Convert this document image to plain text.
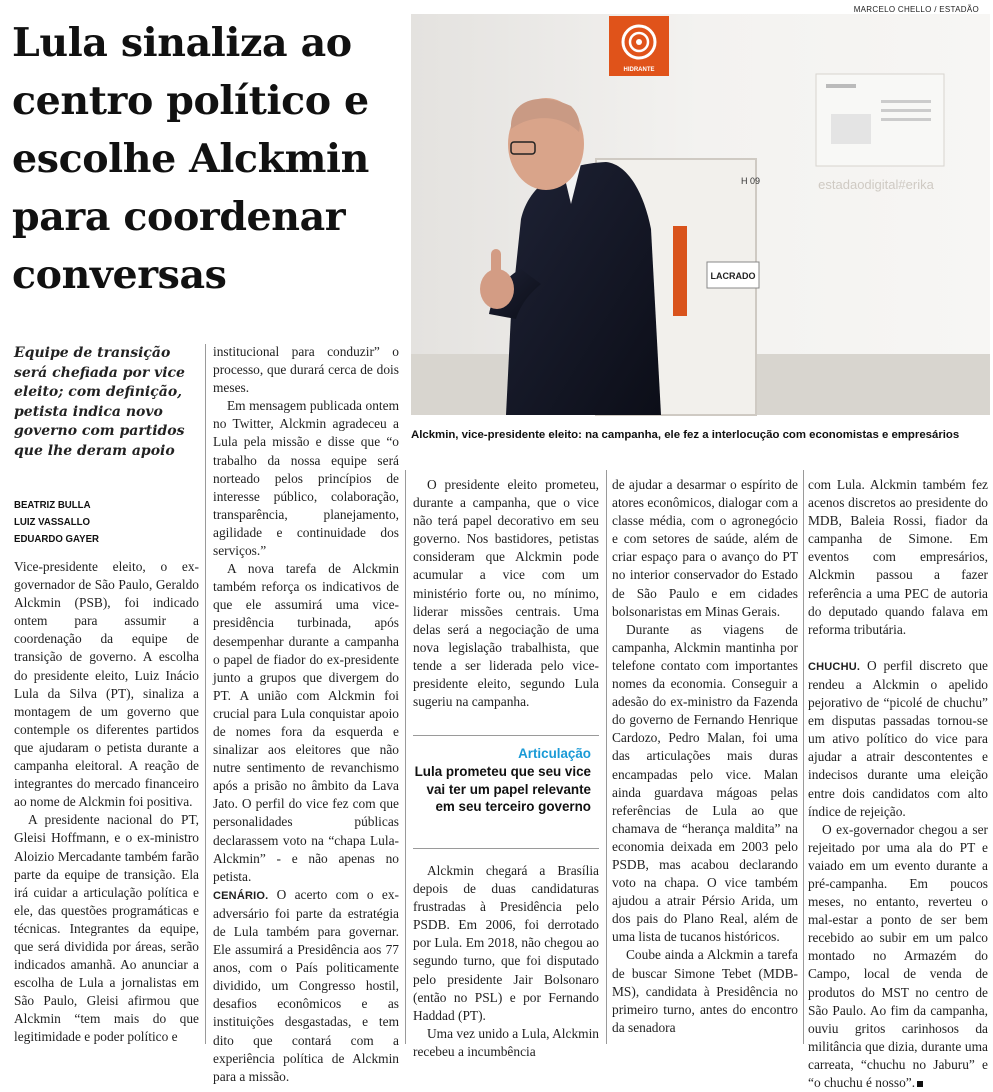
MARCELO CHELLO / ESTADÃO
Lula sinaliza ao centro político e escolhe Alckmin para coordenar conversas	LACRADO
H 09
HIDRANTE
estadaodigital#erika
Alckmin, vice-presidente eleito: na campanha, ele fez a interlocução com economistas e empresários
Equipe de transição será chefiada por vice eleito; com definição, petista indica novo governo com partidos que lhe deram apoio
BEATRIZ BULLA
LUIZ VASSALLO
EDUARDO GAYER

Vice-presidente eleito, o ex-governador de São Paulo, Geraldo Alckmin (PSB), foi indicado ontem para assumir a coordenação da equipe de transição de governo. A escolha do presidente eleito, Luiz Inácio Lula da Silva (PT), sinaliza a montagem de um governo que contemple os diferentes partidos que ajudaram o petista durante a campanha eleitoral. A reação de integrantes do mercado financeiro ao nome de Alckmin foi positiva.

A presidente nacional do PT, Gleisi Hoffmann, e o ex-ministro Aloizio Mercadante também farão parte da equipe de transição. Ela irá cuidar a articulação política e ele, das questões programáticas e técnicas. Integrantes da equipe, que será dividida por áreas, serão indicados amanhã. Ao anunciar a escolha de Lula a jornalistas em São Paulo, Gleisi afirmou que Alckmin “tem mais do que legitimidade e poder político e

institucional para conduzir” o processo, que durará cerca de dois meses.

Em mensagem publicada ontem no Twitter, Alckmin agradeceu a Lula pela missão e disse que “o trabalho da nossa equipe será norteado pelos princípios de interesse público, colaboração, transparência, planejamento, agilidade e continuidade dos serviços.”

A nova tarefa de Alckmin também reforça os indicativos de que ele assumirá uma vice-presidência turbinada, após desempenhar durante a campanha o papel de fiador do ex-presidente junto a grupos que divergem do PT. A união com Alckmin foi crucial para Lula conquistar apoio de nomes fora da esquerda e sinalizar aos eleitores que não nutre sentimento de revanchismo após a prisão no âmbito da Lava Jato. O perfil do vice fez com que personalidades públicas declarassem voto na “chapa Lula-Alckmin” - e não apenas no petista.

CENÁRIO. O acerto com o ex-adversário foi parte da estratégia de Lula também para governar. Ele assumirá a Presidência aos 77 anos, com o País politicamente dividido, um Congresso hostil, desafios econômicos e as instituições desgastadas, e tem dito que contará com a experiência política de Alckmin para a missão.

O presidente eleito prometeu, durante a campanha, que o vice não terá papel decorativo em seu governo. Nos bastidores, petistas consideram que Alckmin pode acumular a vice com um ministério forte ou, no mínimo, liderar missões centrais. Uma delas será a negociação de uma nova legislação trabalhista, que tende a ser liderada pelo vice-presidente eleito, segundo Lula sugeriu na campanha.

Articulação
Lula prometeu que seu vice vai ter um papel relevante em seu terceiro governo

Alckmin chegará a Brasília depois de duas candidaturas frustradas à Presidência pelo PSDB. Em 2006, foi derrotado por Lula. Em 2018, não chegou ao segundo turno, que foi disputado pelo presidente Jair Bolsonaro (então no PSL) e por Fernando Haddad (PT).

Uma vez unido a Lula, Alckmin recebeu a incumbência

de ajudar a desarmar o espírito de atores econômicos, dialogar com a classe média, com o agronegócio e com setores de saúde, além de criar espaço para o avanço do PT no interior conservador do Estado de São Paulo e em cidades bolsonaristas em Minas Gerais.

Durante as viagens de campanha, Alckmin mantinha por telefone contato com importantes nomes da economia. Conseguir a adesão do ex-ministro da Fazenda do governo de Fernando Henrique Cardozo, Pedro Malan, foi uma das articulações mais duras encampadas pelo vice. Malan ainda guardava mágoas pelas referências de Lula ao que chamava de “herança maldita” na economia deixada em 2003 pelo PSDB, mas acabou declarando voto na chapa. O vice também ajudou a atrair Pérsio Arida, um dos pais do Plano Real, além de uma lista de tucanos históricos.

Coube ainda a Alckmin a tarefa de buscar Simone Tebet (MDB-MS), candidata à Presidência no primeiro turno, antes do encontro da senadora

com Lula. Alckmin também fez acenos discretos ao presidente do MDB, Baleia Rossi, fiador da campanha de Simone. Em eventos com empresários, Alckmin passou a fazer referência a uma PEC de autoria do deputado quando falava em reforma tributária.

CHUCHU. O perfil discreto que rendeu a Alckmin o apelido pejorativo de “picolé de chuchu” em disputas passadas tornou-se um ativo político do vice para ajudar a atrair descontentes e indecisos durante uma eleição entre dois candidatos com alto índice de rejeição.

O ex-governador chegou a ser rejeitado por uma ala do PT e vaiado em um evento durante a pré-campanha. Em poucos meses, no entanto, reverteu o mal-estar a ponto de ser bem recebido ao subir em um palco montado no Armazém do Campo, local de venda de produtos do MST no centro de São Paulo. Ao fim da campanha, ouviu gritos carinhosos da militância que dizia, durante uma carreata, “chuchu no Jaburu” e “o chuchu é nosso”.
